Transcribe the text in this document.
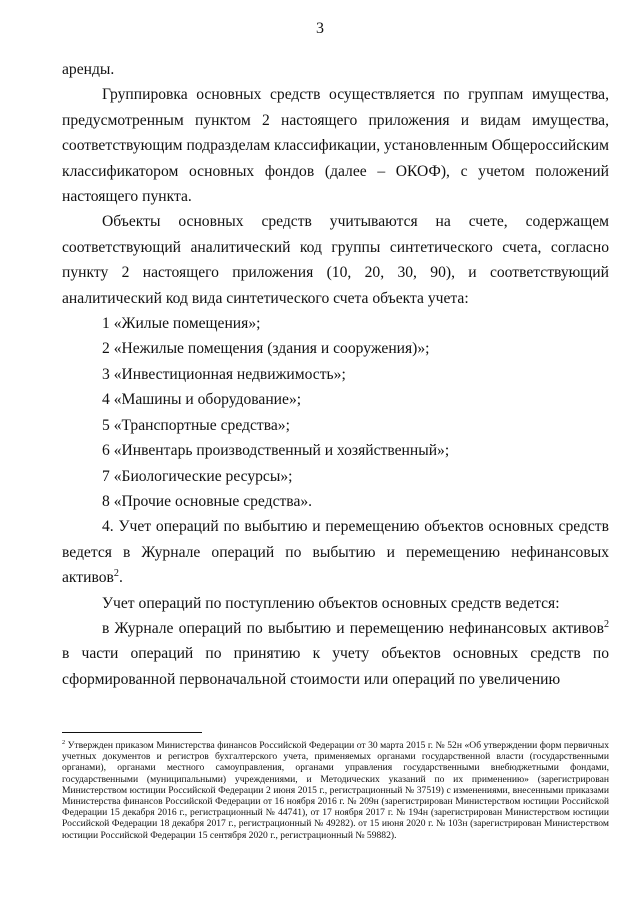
3

аренды.

Группировка основных средств осуществляется по группам имущества, предусмотренным пунктом 2 настоящего приложения и видам имущества, соответствующим подразделам классификации, установленным Общероссийским классификатором основных фондов (далее – ОКОФ), с учетом положений настоящего пункта.

Объекты основных средств учитываются на счете, содержащем соответствующий аналитический код группы синтетического счета, согласно пункту 2 настоящего приложения (10, 20, 30, 90), и соответствующий аналитический код вида синтетического счета объекта учета:

1 «Жилые помещения»;

2 «Нежилые помещения (здания и сооружения)»;

3 «Инвестиционная недвижимость»;

4 «Машины и оборудование»;

5 «Транспортные средства»;

6 «Инвентарь производственный и хозяйственный»;

7 «Биологические ресурсы»;

8 «Прочие основные средства».

4. Учет операций по выбытию и перемещению объектов основных средств ведется в Журнале операций по выбытию и перемещению нефинансовых активов$^2$.

Учет операций по поступлению объектов основных средств ведется:

в Журнале операций по выбытию и перемещению нефинансовых активов$^2$ в части операций по принятию к учету объектов основных средств по сформированной первоначальной стоимости или операций по увеличению

$^2$ Утвержден приказом Министерства финансов Российской Федерации от 30 марта 2015 г. № 52н «Об утверждении форм первичных учетных документов и регистров бухгалтерского учета, применяемых органами государственной власти (государственными органами), органами местного самоуправления, органами управления государственными внебюджетными фондами, государственными (муниципальными) учреждениями, и Методических указаний по их применению» (зарегистрирован Министерством юстиции Российской Федерации 2 июня 2015 г., регистрационный № 37519) с изменениями, внесенными приказами Министерства финансов Российской Федерации от 16 ноября 2016 г. № 209н (зарегистрирован Министерством юстиции Российской Федерации 15 декабря 2016 г., регистрационный № 44741), от 17 ноября 2017 г. № 194н (зарегистрирован Министерством юстиции Российской Федерации 18 декабря 2017 г., регистрационный № 49282). от 15 июня 2020 г. № 103н (зарегистрирован Министерством юстиции Российской Федерации 15 сентября 2020 г., регистрационный № 59882).
